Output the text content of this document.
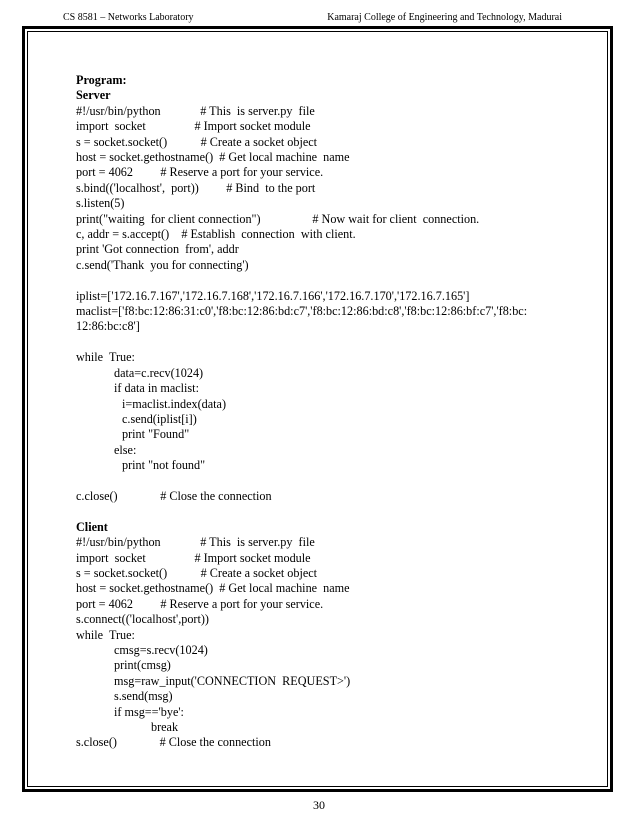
CS 8581 – Networks Laboratory	Kamaraj College of Engineering and Technology, Madurai
Program:
Server
#!/usr/bin/python             # This  is server.py  file
import  socket                # Import socket module
s = socket.socket()           # Create a socket object
host = socket.gethostname()  # Get local machine  name
port = 4062         # Reserve a port for your service.
s.bind(('localhost',  port))         # Bind  to the port
s.listen(5)
print("waiting  for client connection")                 # Now wait for client  connection.
c, addr = s.accept()    # Establish  connection  with client.
print 'Got connection  from', addr
c.send('Thank  you for connecting')
iplist=['172.16.7.167','172.16.7.168','172.16.7.166','172.16.7.170','172.16.7.165']
maclist=['f8:bc:12:86:31:c0','f8:bc:12:86:bd:c7','f8:bc:12:86:bd:c8','f8:bc:12:86:bf:c7','f8:bc:
12:86:bc:c8']
while  True:
data=c.recv(1024)
if data in maclist:
i=maclist.index(data)
c.send(iplist[i])
print "Found"
else:
print "not found"
c.close()              # Close the connection
Client
#!/usr/bin/python             # This  is server.py  file
import  socket                # Import socket module
s = socket.socket()           # Create a socket object
host = socket.gethostname()  # Get local machine  name
port = 4062         # Reserve a port for your service.
s.connect(('localhost',port))
while  True:
cmsg=s.recv(1024)
print(cmsg)
msg=raw_input('CONNECTION  REQUEST>')
s.send(msg)
if msg=='bye':
break
s.close()              # Close the connection
30
